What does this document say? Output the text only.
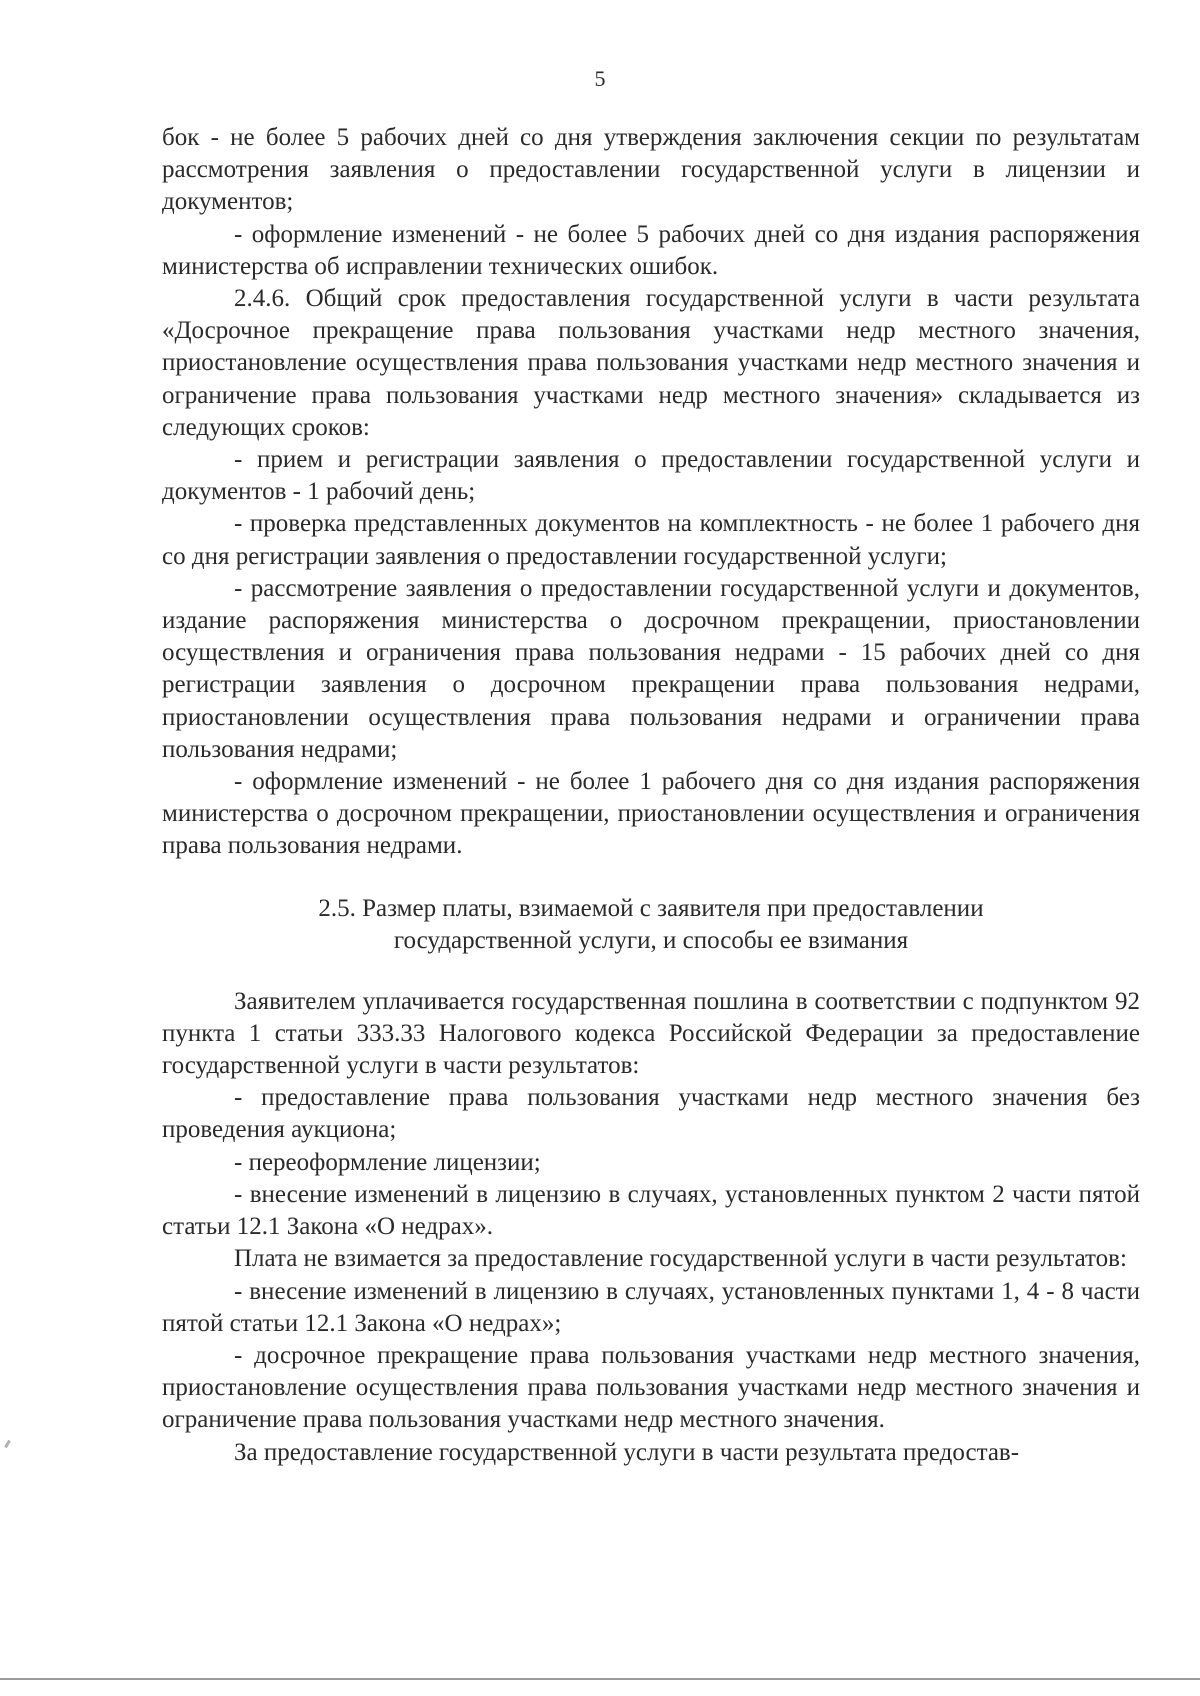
5

бок - не более 5 рабочих дней со дня утверждения заключения секции по результатам рассмотрения заявления о предоставлении государственной услуги в лицензии и документов;

- оформление изменений - не более 5 рабочих дней со дня издания распоряжения министерства об исправлении технических ошибок.

2.4.6. Общий срок предоставления государственной услуги в части результата «Досрочное прекращение права пользования участками недр местного значения, приостановление осуществления права пользования участками недр местного значения и ограничение права пользования участками недр местного значения» складывается из следующих сроков:

- прием и регистрации заявления о предоставлении государственной услуги и документов - 1 рабочий день;

- проверка представленных документов на комплектность - не более 1 рабочего дня со дня регистрации заявления о предоставлении государственной услуги;

- рассмотрение заявления о предоставлении государственной услуги и документов, издание распоряжения министерства о досрочном прекращении, приостановлении осуществления и ограничения права пользования недрами - 15 рабочих дней со дня регистрации заявления о досрочном прекращении права пользования недрами, приостановлении осуществления права пользования недрами и ограничении права пользования недрами;

- оформление изменений - не более 1 рабочего дня со дня издания распоряжения министерства о досрочном прекращении, приостановлении осуществления и ограничения права пользования недрами.

2.5. Размер платы, взимаемой с заявителя при предоставлении
государственной услуги, и способы ее взимания

Заявителем уплачивается государственная пошлина в соответствии с подпунктом 92 пункта 1 статьи 333.33 Налогового кодекса Российской Федерации за предоставление государственной услуги в части результатов:

- предоставление права пользования участками недр местного значения без проведения аукциона;

- переоформление лицензии;

- внесение изменений в лицензию в случаях, установленных пунктом 2 части пятой статьи 12.1 Закона «О недрах».

Плата не взимается за предоставление государственной услуги в части результатов:

- внесение изменений в лицензию в случаях, установленных пунктами 1, 4 - 8 части пятой статьи 12.1 Закона «О недрах»;

- досрочное прекращение права пользования участками недр местного значения, приостановление осуществления права пользования участками недр местного значения и ограничение права пользования участками недр местного значения.

За предоставление государственной услуги в части результата предостав-
